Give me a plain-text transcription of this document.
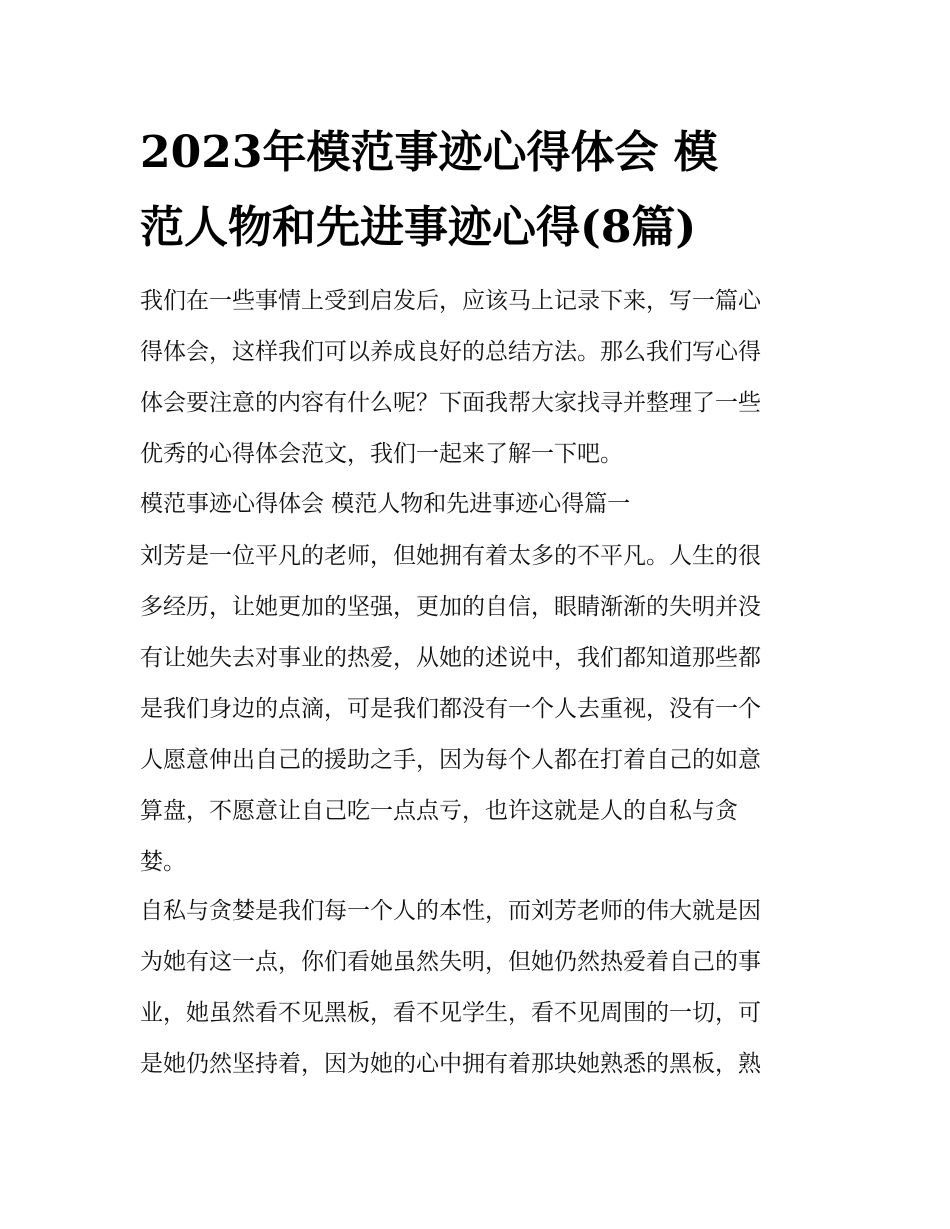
2023年模范事迹心得体会 模
范人物和先进事迹心得(8篇)
我们在一些事情上受到启发后，应该马上记录下来，写一篇心
得体会，这样我们可以养成良好的总结方法。那么我们写心得
体会要注意的内容有什么呢？下面我帮大家找寻并整理了一些
优秀的心得体会范文，我们一起来了解一下吧。
模范事迹心得体会 模范人物和先进事迹心得篇一
刘芳是一位平凡的老师，但她拥有着太多的不平凡。人生的很
多经历，让她更加的坚强，更加的自信，眼睛渐渐的失明并没
有让她失去对事业的热爱，从她的述说中，我们都知道那些都
是我们身边的点滴，可是我们都没有一个人去重视，没有一个
人愿意伸出自己的援助之手，因为每个人都在打着自己的如意
算盘，不愿意让自己吃一点点亏，也许这就是人的自私与贪
婪。
自私与贪婪是我们每一个人的本性，而刘芳老师的伟大就是因
为她有这一点，你们看她虽然失明，但她仍然热爱着自己的事
业，她虽然看不见黑板，看不见学生，看不见周围的一切，可
是她仍然坚持着，因为她的心中拥有着那块她熟悉的黑板，熟
